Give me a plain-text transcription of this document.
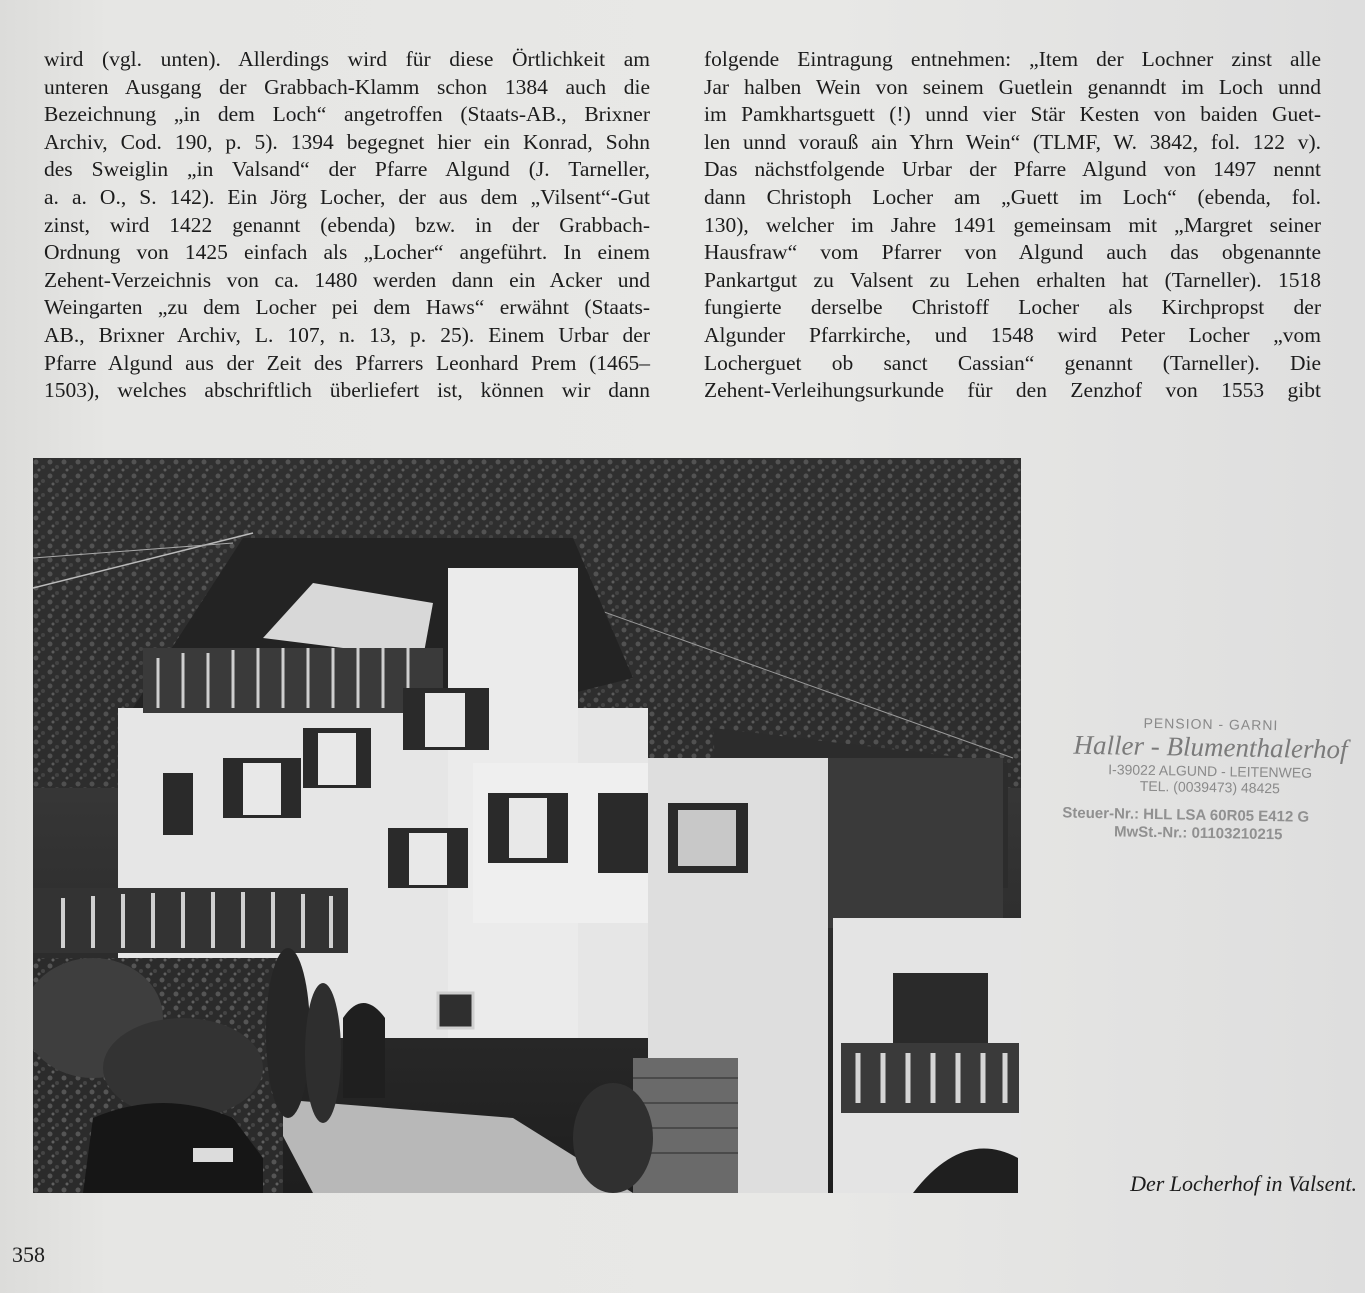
wird (vgl. unten). Allerdings wird für diese Örtlichkeit am
unteren Ausgang der Grabbach-Klamm schon 1384 auch die
Bezeichnung „in dem Loch“ angetroffen (Staats-AB., Brixner
Archiv, Cod. 190, p. 5). 1394 begegnet hier ein Konrad, Sohn
des Sweiglin „in Valsand“ der Pfarre Algund (J. Tarneller,
a. a. O., S. 142). Ein Jörg Locher, der aus dem „Vilsent“-Gut
zinst, wird 1422 genannt (ebenda) bzw. in der Grabbach-
Ordnung von 1425 einfach als „Locher“ angeführt. In einem
Zehent-Verzeichnis von ca. 1480 werden dann ein Acker und
Weingarten „zu dem Locher pei dem Haws“ erwähnt (Staats-
AB., Brixner Archiv, L. 107, n. 13, p. 25). Einem Urbar der
Pfarre Algund aus der Zeit des Pfarrers Leonhard Prem (1465–
1503), welches abschriftlich überliefert ist, können wir dann
folgende Eintragung entnehmen: „Item der Lochner zinst alle
Jar halben Wein von seinem Guetlein genanndt im Loch unnd
im Pamkhartsguett (!) unnd vier Stär Kesten von baiden Guet-
len unnd vorauß ain Yhrn Wein“ (TLMF, W. 3842, fol. 122 v).
Das nächstfolgende Urbar der Pfarre Algund von 1497 nennt
dann Christoph Locher am „Guett im Loch“ (ebenda, fol.
130), welcher im Jahre 1491 gemeinsam mit „Margret seiner
Hausfraw“ vom Pfarrer von Algund auch das obgenannte
Pankartgut zu Valsent zu Lehen erhalten hat (Tarneller). 1518
fungierte derselbe Christoff Locher als Kirchpropst der
Algunder Pfarrkirche, und 1548 wird Peter Locher „vom
Locherguet ob sanct Cassian“ genannt (Tarneller). Die
Zehent-Verleihungsurkunde für den Zenzhof von 1553 gibt
PENSION - GARNI
Haller - Blumenthalerhof
I-39022 ALGUND - LEITENWEG
TEL. (0039473) 48425
Steuer-Nr.: HLL LSA 60R05 E412 G
MwSt.-Nr.: 01103210215
Der Locherhof in Valsent.
358
